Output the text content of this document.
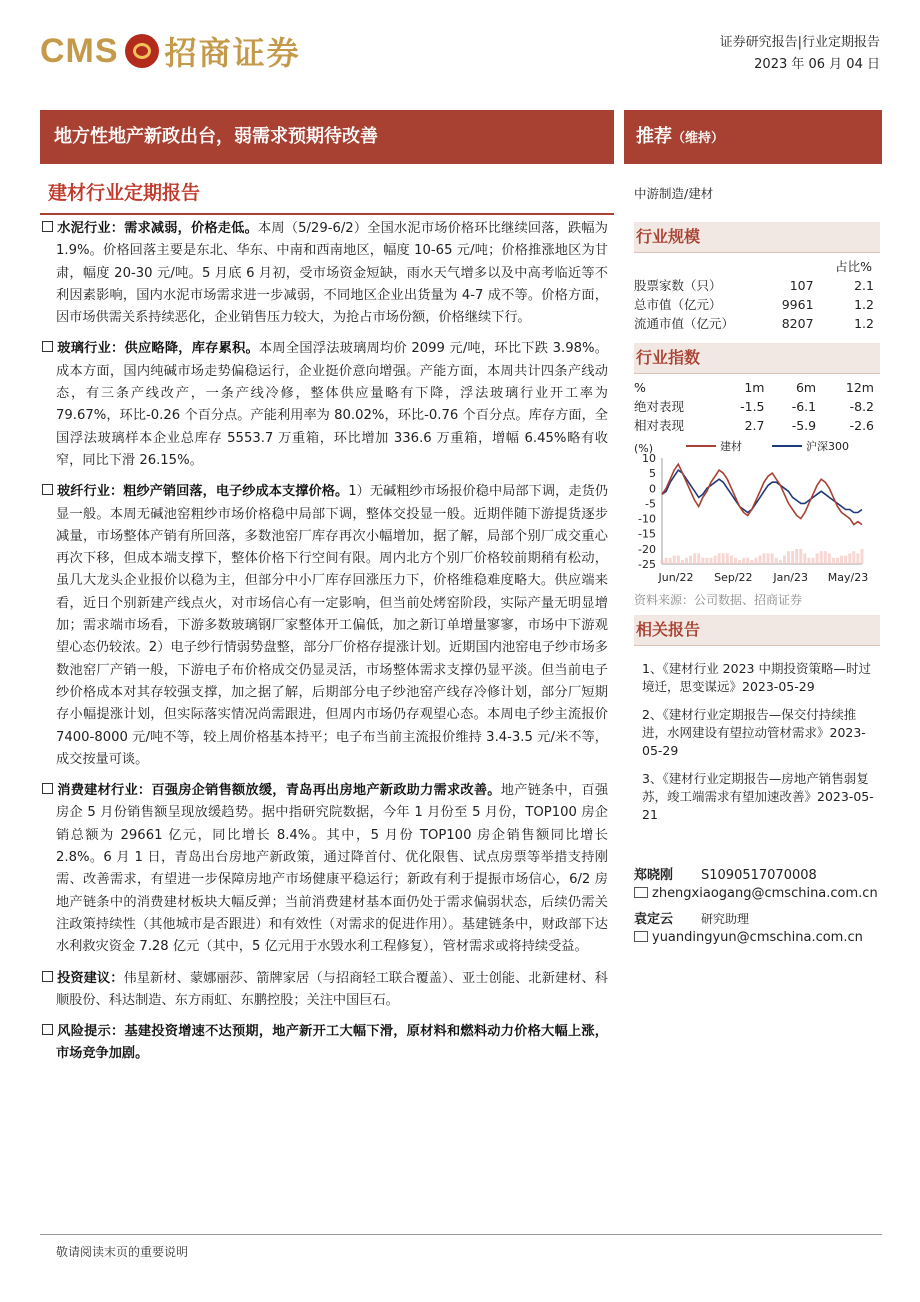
CMS 招商证券	证券研究报告|行业定期报告
2023 年 06 月 04 日
地方性地产新政出台，弱需求预期待改善	推荐（维持）
建材行业定期报告

水泥行业：需求减弱，价格走低。本周（5/29-6/2）全国水泥市场价格环比继续回落，跌幅为 1.9%。价格回落主要是东北、华东、中南和西南地区，幅度 10-65 元/吨；价格推涨地区为甘肃，幅度 20-30 元/吨。5 月底 6 月初，受市场资金短缺，雨水天气增多以及中高考临近等不利因素影响，国内水泥市场需求进一步减弱，不同地区企业出货量为 4-7 成不等。价格方面，因市场供需关系持续恶化，企业销售压力较大，为抢占市场份额，价格继续下行。

玻璃行业：供应略降，库存累积。本周全国浮法玻璃周均价 2099 元/吨，环比下跌 3.98%。成本方面，国内纯碱市场走势偏稳运行，企业挺价意向增强。产能方面，本周共计四条产线动态，有三条产线改产，一条产线冷修，整体供应量略有下降，浮法玻璃行业开工率为 79.67%，环比-0.26 个百分点。产能利用率为 80.02%，环比-0.76 个百分点。库存方面，全国浮法玻璃样本企业总库存 5553.7 万重箱，环比增加 336.6 万重箱，增幅 6.45%略有收窄，同比下滑 26.15%。

玻纤行业：粗纱产销回落，电子纱成本支撑价格。1）无碱粗纱市场报价稳中局部下调，走货仍显一般。本周无碱池窑粗纱市场价格稳中局部下调，整体交投显一般。近期伴随下游提货逐步减量，市场整体产销有所回落，多数池窑厂库存再次小幅增加，据了解，局部个别厂成交重心再次下移，但成本端支撑下，整体价格下行空间有限。周内北方个别厂价格较前期稍有松动，虽几大龙头企业报价以稳为主，但部分中小厂库存回涨压力下，价格维稳难度略大。供应端来看，近日个别新建产线点火，对市场信心有一定影响，但当前处烤窑阶段，实际产量无明显增加；需求端市场看，下游多数玻璃钢厂家整体开工偏低，加之新订单增量寥寥，市场中下游观望心态仍较浓。2）电子纱行情弱势盘整，部分厂价格存提涨计划。近期国内池窑电子纱市场多数池窑厂产销一般，下游电子布价格成交仍显灵活，市场整体需求支撑仍显平淡。但当前电子纱价格成本对其存较强支撑，加之据了解，后期部分电子纱池窑产线存冷修计划，部分厂短期存小幅提涨计划，但实际落实情况尚需跟进，但周内市场仍存观望心态。本周电子纱主流报价 7400-8000 元/吨不等，较上周价格基本持平；电子布当前主流报价维持 3.4-3.5 元/米不等，成交按量可谈。

消费建材行业：百强房企销售额放缓，青岛再出房地产新政助力需求改善。地产链条中，百强房企 5 月份销售额呈现放缓趋势。据中指研究院数据，今年 1 月份至 5 月份，TOP100 房企销总额为 29661 亿元，同比增长 8.4%。其中，5 月份 TOP100 房企销售额同比增长 2.8%。6 月 1 日，青岛出台房地产新政策，通过降首付、优化限售、试点房票等举措支持刚需、改善需求，有望进一步保障房地产市场健康平稳运行；新政有利于提振市场信心，6/2 房地产链条中的消费建材板块大幅反弹；当前消费建材基本面仍处于需求偏弱状态，后续仍需关注政策持续性（其他城市是否跟进）和有效性（对需求的促进作用）。基建链条中，财政部下达水利救灾资金 7.28 亿元（其中，5 亿元用于水毁水利工程修复），管材需求或将持续受益。

投资建议：伟星新材、蒙娜丽莎、箭牌家居（与招商轻工联合覆盖）、亚士创能、北新建材、科顺股份、科达制造、东方雨虹、东鹏控股；关注中国巨石。

风险提示：基建投资增速不达预期，地产新开工大幅下滑，原材料和燃料动力价格大幅上涨，市场竞争加剧。

中游制造/建材
行业规模
		占比%
股票家数（只）	107	2.1
总市值（亿元）	9961	1.2
流通市值（亿元）	8207	1.2
行业指数
%	1m	6m	12m
绝对表现	-1.5	-6.1	-8.2
相对表现	2.7	-5.9	-2.6
(%)	建材	沪深300
10
5
0
-5
-10
-15
-20
-25
Jun/22 Sep/22 Jan/23 May/23
资料来源：公司数据、招商证券
相关报告
1、《建材行业 2023 中期投资策略—时过境迁，思变谋远》2023-05-29
2、《建材行业定期报告—保交付持续推进，水网建设有望拉动管材需求》2023-05-29
3、《建材行业定期报告—房地产销售弱复苏，竣工端需求有望加速改善》2023-05-21
郑晓刚 S1090517070008
zhengxiaogang@cmschina.com.cn
袁定云 研究助理
yuandingyun@cmschina.com.cn
敬请阅读末页的重要说明
